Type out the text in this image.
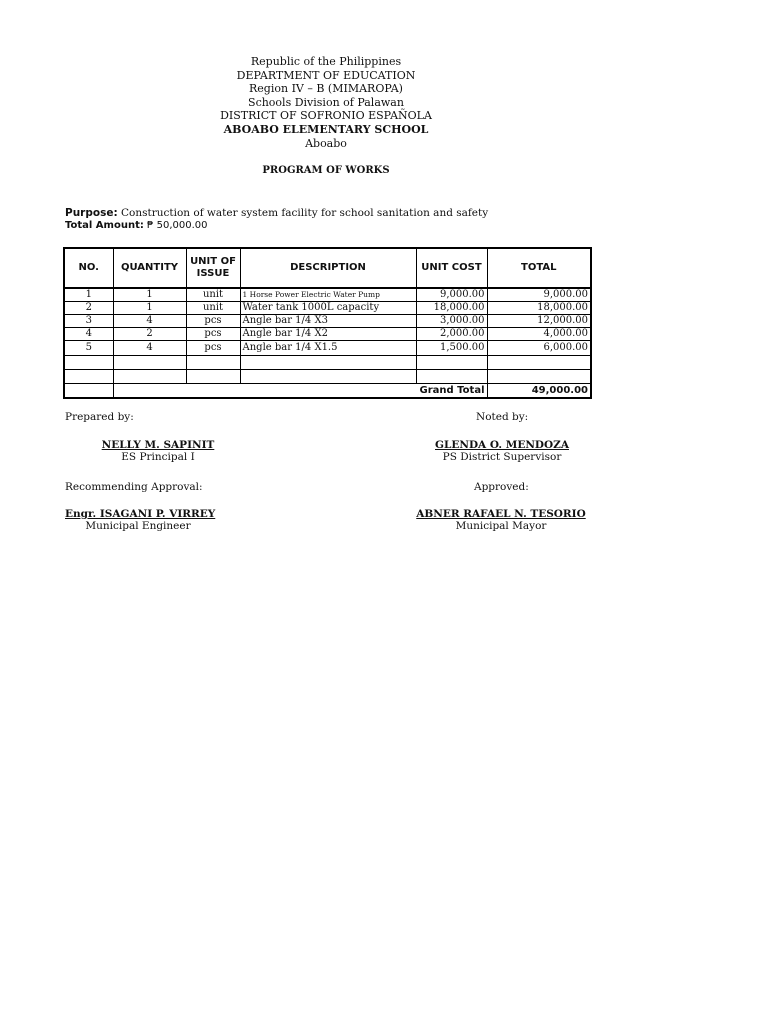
Republic of the Philippines
DEPARTMENT OF EDUCATION
Region IV – B (MIMAROPA)
Schools Division of Palawan
DISTRICT OF SOFRONIO ESPAÑOLA
ABOABO ELEMENTARY SCHOOL
Aboabo
PROGRAM OF WORKS
Purpose: Construction of water system facility for school sanitation and safety
Total Amount: ₱ 50,000.00
NO.	QUANTITY	UNIT OF ISSUE	DESCRIPTION	UNIT COST	TOTAL
1	1	unit	1 Horse Power Electric Water Pump	9,000.00	9,000.00
2	1	unit	Water tank 1000L capacity	18,000.00	18,000.00
3	4	pcs	Angle bar 1/4 X3	3,000.00	12,000.00
4	2	pcs	Angle bar 1/4 X2	2,000.00	4,000.00
5	4	pcs	Angle bar 1/4 X1.5	1,500.00	6,000.00

	Grand Total				49,000.00
Prepared by:	Noted by:
NELLY M. SAPINIT
ES Principal I
GLENDA O. MENDOZA
PS District Supervisor
Recommending Approval:	Approved:
Engr. ISAGANI P. VIRREY
Municipal Engineer
ABNER RAFAEL N. TESORIO
Municipal Mayor
